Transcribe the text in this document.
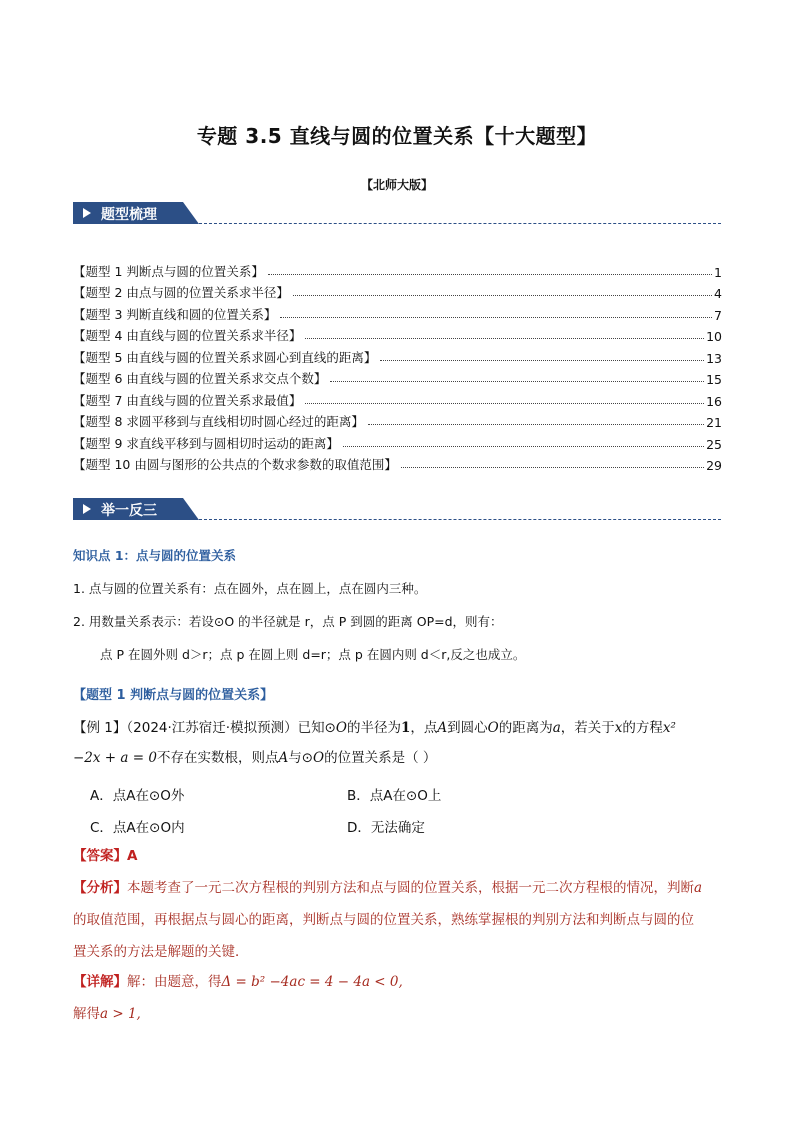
专题 3.5 直线与圆的位置关系【十大题型】
【北师大版】
题型梳理
【题型 1 判断点与圆的位置关系】	1
【题型 2 由点与圆的位置关系求半径】	4
【题型 3 判断直线和圆的位置关系】	7
【题型 4 由直线与圆的位置关系求半径】	10
【题型 5 由直线与圆的位置关系求圆心到直线的距离】	13
【题型 6 由直线与圆的位置关系求交点个数】	15
【题型 7 由直线与圆的位置关系求最值】	16
【题型 8 求圆平移到与直线相切时圆心经过的距离】	21
【题型 9 求直线平移到与圆相切时运动的距离】	25
【题型 10 由圆与图形的公共点的个数求参数的取值范围】	29
举一反三
知识点 1：点与圆的位置关系
1. 点与圆的位置关系有：点在圆外，点在圆上，点在圆内三种。
2. 用数量关系表示：若设⊙O 的半径就是 r，点 P 到圆的距离 OP=d，则有：
点 P 在圆外则 d＞r；点 p 在圆上则 d=r；点 p 在圆内则 d＜r,反之也成立。
【题型 1 判断点与圆的位置关系】
【例 1】（2024·江苏宿迁·模拟预测）已知⊙O的半径为1，点A到圆心O的距离为a，若关于x的方程x²
−2x + a = 0不存在实数根，则点A与⊙O的位置关系是（ ）
A．点A在⊙O外	B．点A在⊙O上
C．点A在⊙O内	D．无法确定
【答案】A
【分析】本题考查了一元二次方程根的判别方法和点与圆的位置关系，根据一元二次方程根的情况，判断a
的取值范围，再根据点与圆心的距离，判断点与圆的位置关系，熟练掌握根的判别方法和判断点与圆的位
置关系的方法是解题的关键．
【详解】解：由题意，得Δ = b² −4ac = 4 − 4a < 0,
解得a > 1,
